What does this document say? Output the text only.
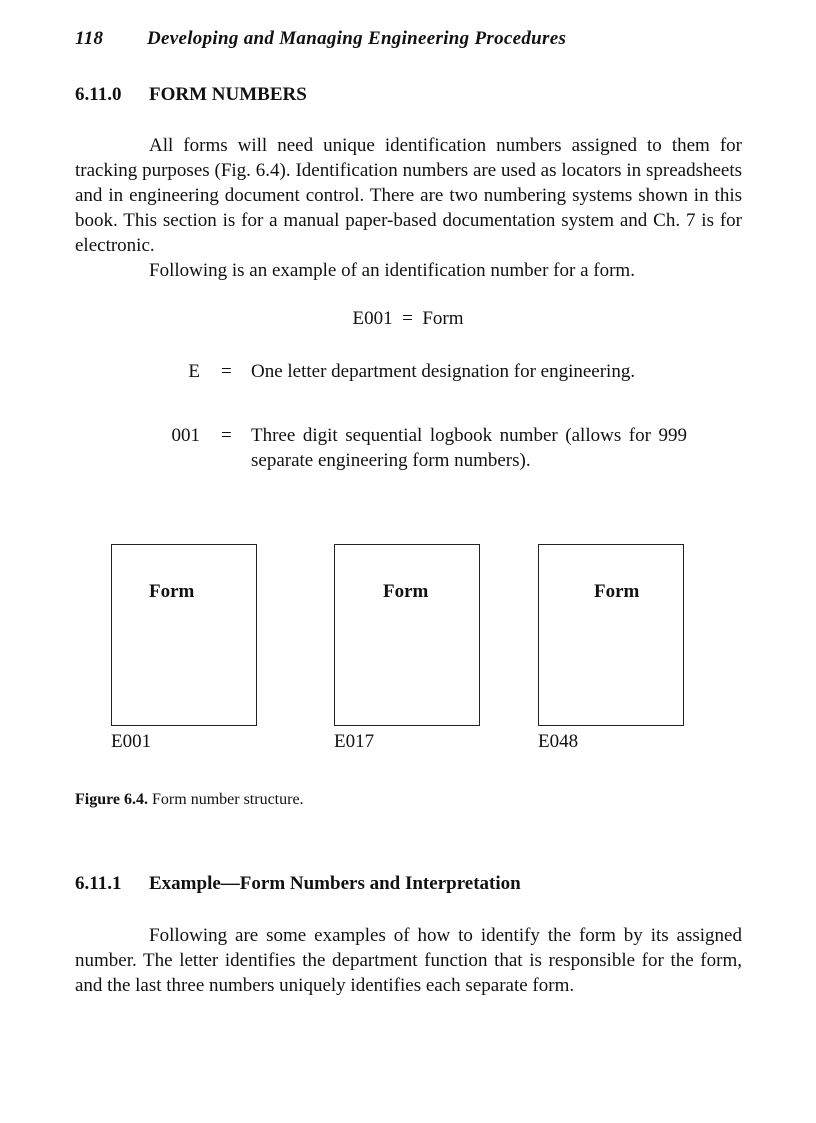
118 Developing and Managing Engineering Procedures
6.11.0 FORM NUMBERS

All forms will need unique identification numbers assigned to them for tracking purposes (Fig. 6.4). Identification numbers are used as locators in spreadsheets and in engineering document control. There are two numbering systems shown in this book. This section is for a manual paper-based documentation system and Ch. 7 is for electronic.

Following is an example of an identification number for a form.

E001  =  Form
E = One letter department designation for engineering.
001 = Three digit sequential logbook number (allows for 999 separate engineering form numbers).
Form	Form	Form
E001	E017	E048
Figure 6.4. Form number structure.
6.11.1 Example—Form Numbers and Interpretation

Following are some examples of how to identify the form by its assigned number. The letter identifies the department function that is responsible for the form, and the last three numbers uniquely identifies each separate form.
